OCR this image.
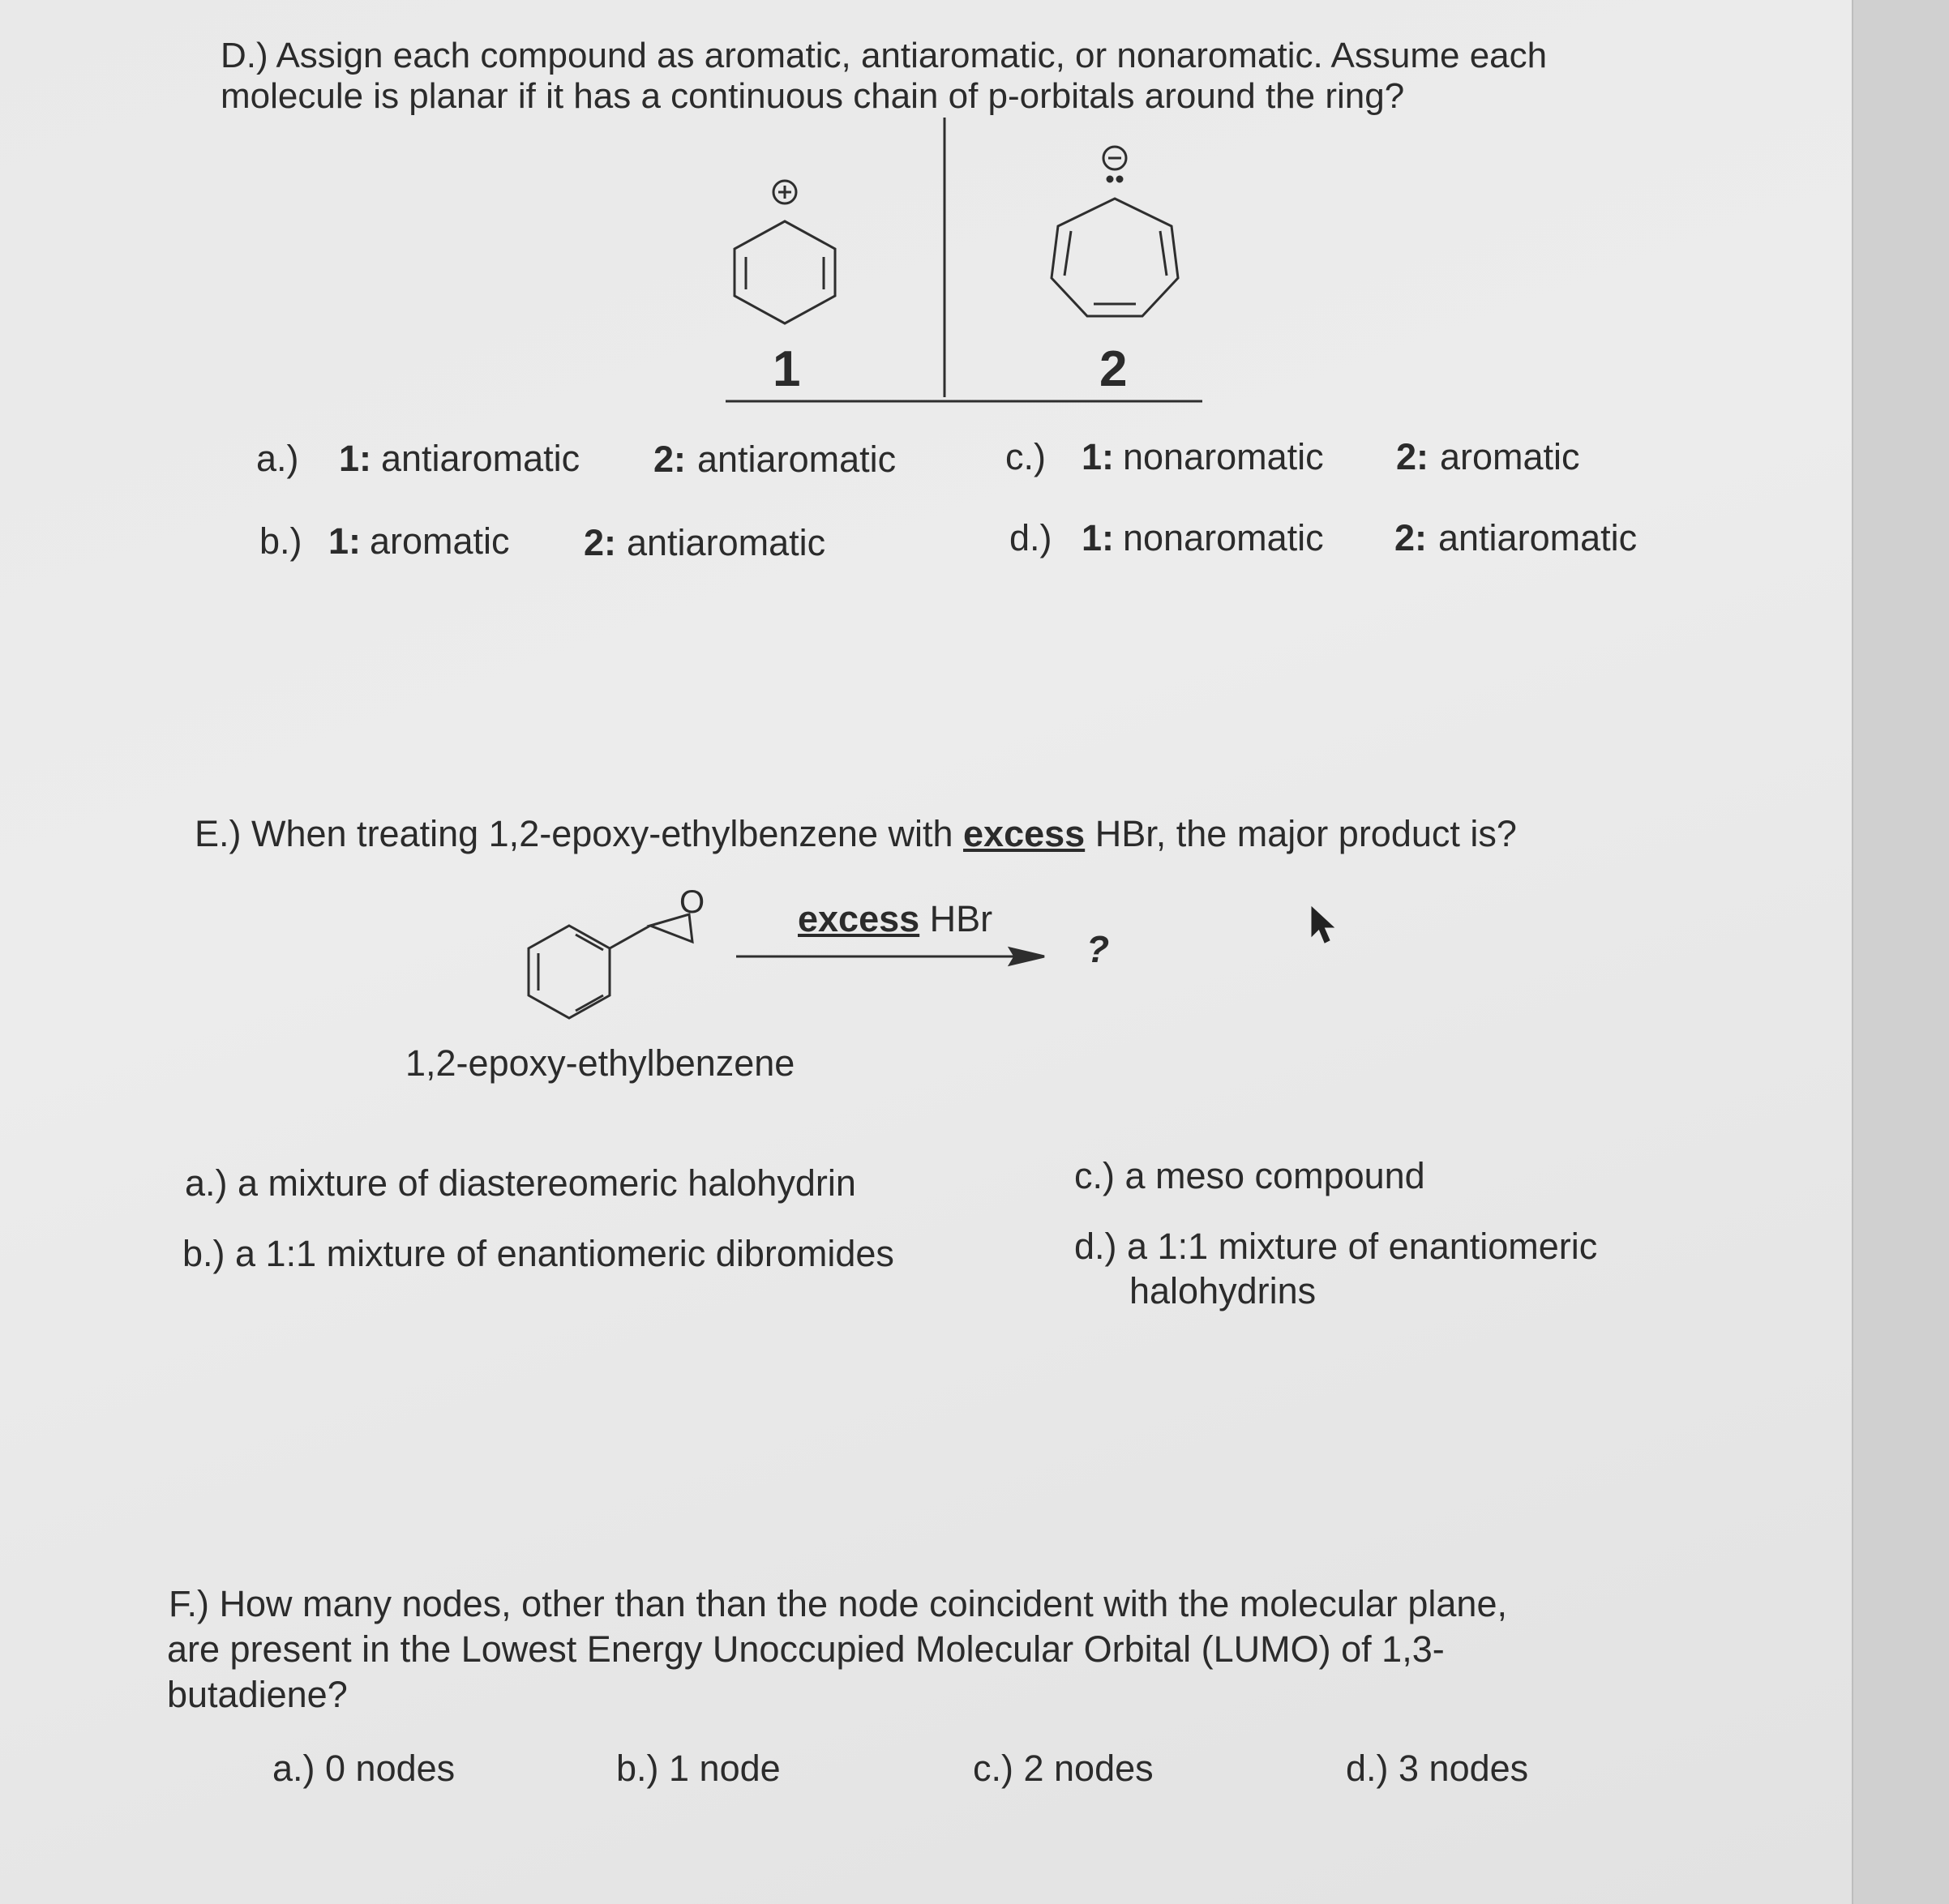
D.) Assign each compound as aromatic, antiaromatic, or nonaromatic. Assume each
molecule is planar if it has a continuous chain of p-orbitals around the ring?
1	2
a.) 1: antiaromatic 2: antiaromatic
b.) 1: aromatic 2: antiaromatic
c.) 1: nonaromatic 2: aromatic
d.) 1: nonaromatic 2: antiaromatic
E.) When treating 1,2-epoxy-ethylbenzene with excess HBr, the major product is?
O	excess HBr
?
1,2-epoxy-ethylbenzene
a.) a mixture of diastereomeric halohydrin
b.) a 1:1 mixture of enantiomeric dibromides
c.) a meso compound
d.) a 1:1 mixture of enantiomeric
halohydrins
F.) How many nodes, other than than the node coincident with the molecular plane,
are present in the Lowest Energy Unoccupied Molecular Orbital (LUMO) of 1,3-
butadiene?
a.) 0 nodes	b.) 1 node	c.) 2 nodes	d.) 3 nodes
